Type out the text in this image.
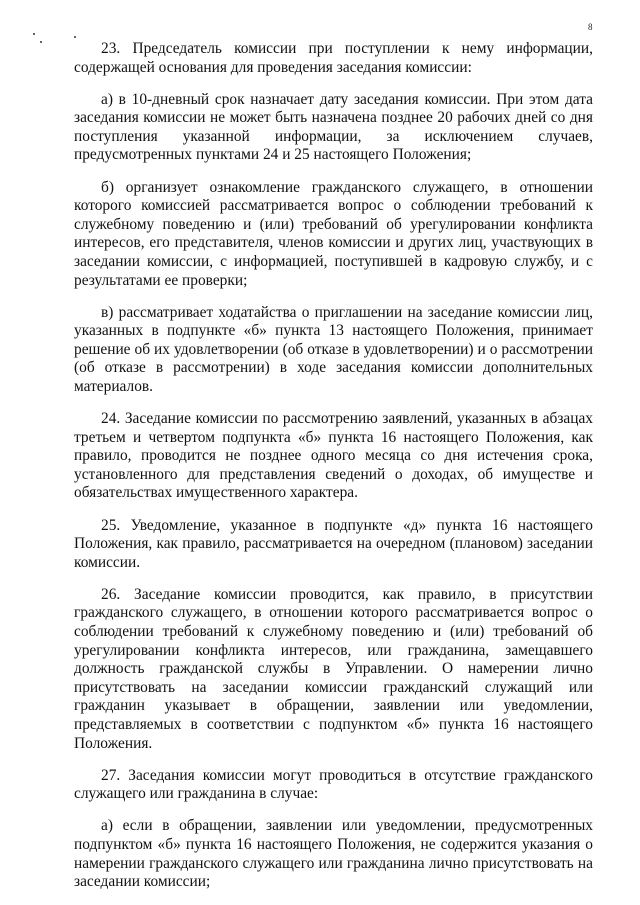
8

23. Председатель комиссии при поступлении к нему информации, содержащей основания для проведения заседания комиссии:

а) в 10-дневный срок назначает дату заседания комиссии. При этом дата заседания комиссии не может быть назначена позднее 20 рабочих дней со дня поступления указанной информации, за исключением случаев, предусмотренных пунктами 24 и 25 настоящего Положения;

б) организует ознакомление гражданского служащего, в отношении которого комиссией рассматривается вопрос о соблюдении требований к служебному поведению и (или) требований об урегулировании конфликта интересов, его представителя, членов комиссии и других лиц, участвующих в заседании комиссии, с информацией, поступившей в кадровую службу, и с результатами ее проверки;

в) рассматривает ходатайства о приглашении на заседание комиссии лиц, указанных в подпункте «б» пункта 13 настоящего Положения, принимает решение об их удовлетворении (об отказе в удовлетворении) и о рассмотрении (об отказе в рассмотрении) в ходе заседания комиссии дополнительных материалов.

24. Заседание комиссии по рассмотрению заявлений, указанных в абзацах третьем и четвертом подпункта «б» пункта 16 настоящего Положения, как правило, проводится не позднее одного месяца со дня истечения срока, установленного для представления сведений о доходах, об имуществе и обязательствах имущественного характера.

25. Уведомление, указанное в подпункте «д» пункта 16 настоящего Положения, как правило, рассматривается на очередном (плановом) заседании комиссии.

26. Заседание комиссии проводится, как правило, в присутствии гражданского служащего, в отношении которого рассматривается вопрос о соблюдении требований к служебному поведению и (или) требований об урегулировании конфликта интересов, или гражданина, замещавшего должность гражданской службы в Управлении. О намерении лично присутствовать на заседании комиссии гражданский служащий или гражданин указывает в обращении, заявлении или уведомлении, представляемых в соответствии с подпунктом «б» пункта 16 настоящего Положения.

27. Заседания комиссии могут проводиться в отсутствие гражданского служащего или гражданина в случае:

а) если в обращении, заявлении или уведомлении, предусмотренных подпунктом «б» пункта 16 настоящего Положения, не содержится указания о намерении гражданского служащего или гражданина лично присутствовать на заседании комиссии;
